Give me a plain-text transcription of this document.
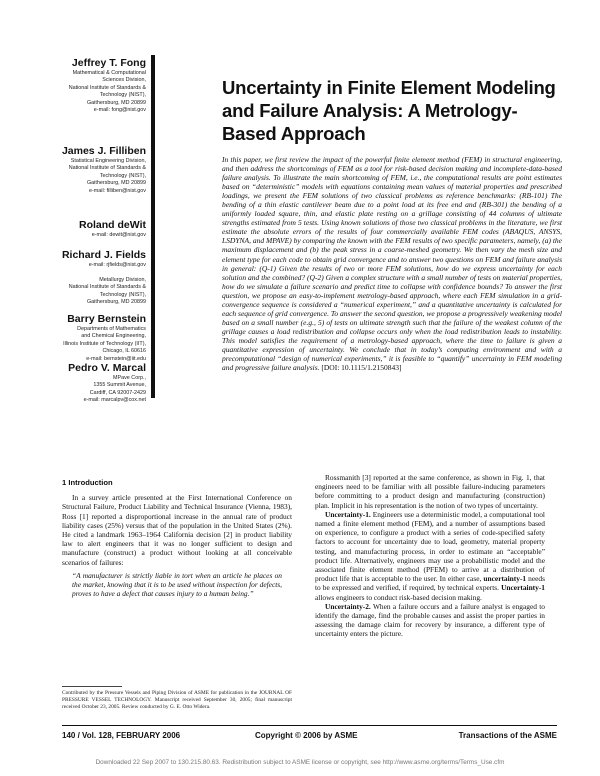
Jeffrey T. Fong
Mathematical & Computational
Sciences Division,
National Institute of Standards &
Technology (NIST),
Gaithersburg, MD 20899
e-mail: fong@nist.gov
James J. Filliben
Statistical Engineering Division,
National Institute of Standards &
Technology (NIST),
Gaithersburg, MD 20899
e-mail: filliben@nist.gov
Roland deWit
e-mail: dewit@nist.gov
Richard J. Fields
e-mail: rjfields@nist.gov

Metallurgy Division,
National Institute of Standards &
Technology (NIST),
Gaithersburg, MD 20899
Barry Bernstein
Departments of Mathematics
and Chemical Engineering,
Illinois Institute of Technology (IIT),
Chicago, IL 60616
e-mail: bernstein@iit.edu
Pedro V. Marcal
MPave Corp.,
1355 Summit Avenue,
Cardiff, CA 92007-2429
e-mail: marcalpv@cox.net
Uncertainty in Finite Element Modeling and Failure Analysis: A Metrology-Based Approach
In this paper, we first review the impact of the powerful finite element method (FEM) in structural engineering, and then address the shortcomings of FEM as a tool for risk-based decision making and incomplete-data-based failure analysis. To illustrate the main shortcoming of FEM, i.e., the computational results are point estimates based on “deterministic” models with equations containing mean values of material properties and prescribed loadings, we present the FEM solutions of two classical problems as reference benchmarks: (RB-101) The bending of a thin elastic cantilever beam due to a point load at its free end and (RB-301) the bending of a uniformly loaded square, thin, and elastic plate resting on a grillage consisting of 44 columns of ultimate strengths estimated from 5 tests. Using known solutions of those two classical problems in the literature, we first estimate the absolute errors of the results of four commercially available FEM codes (ABAQUS, ANSYS, LSDYNA, and MPAVE) by comparing the known with the FEM results of two specific parameters, namely, (a) the maximum displacement and (b) the peak stress in a coarse-meshed geometry. We then vary the mesh size and element type for each code to obtain grid convergence and to answer two questions on FEM and failure analysis in general: (Q-1) Given the results of two or more FEM solutions, how do we express uncertainty for each solution and the combined? (Q-2) Given a complex structure with a small number of tests on material properties, how do we simulate a failure scenario and predict time to collapse with confidence bounds? To answer the first question, we propose an easy-to-implement metrology-based approach, where each FEM simulation in a grid-convergence sequence is considered a “numerical experiment,” and a quantitative uncertainty is calculated for each sequence of grid convergence. To answer the second question, we propose a progressively weakening model based on a small number (e.g., 5) of tests on ultimate strength such that the failure of the weakest column of the grillage causes a load redistribution and collapse occurs only when the load redistribution leads to instability. This model satisfies the requirement of a metrology-based approach, where the time to failure is given a quantitative expression of uncertainty. We conclude that in today’s computing environment and with a precomputational “design of numerical experiments,” it is feasible to “quantify” uncertainty in FEM modeling and progressive failure analysis. [DOI: 10.1115/1.2150843]
1 Introduction

In a survey article presented at the First International Conference on Structural Failure, Product Liability and Technical Insurance (Vienna, 1983), Ross [1] reported a disproportional increase in the annual rate of product liability cases (25%) versus that of the population in the United States (2%). He cited a landmark 1963–1964 California decision [2] in product liability law to alert engineers that it was no longer sufficient to design and manufacture (construct) a product without looking at all conceivable scenarios of failures:

“A manufacturer is strictly liable in tort when an article he places on the market, knowing that it is to be used without inspection for defects, proves to have a defect that causes injury to a human being.”

Contributed by the Pressure Vessels and Piping Division of ASME for publication in the JOURNAL OF PRESSURE VESSEL TECHNOLOGY. Manuscript received September 30, 2005; final manuscript received October 23, 2005. Review conducted by G. E. Otto Widera.

Rossmanith [3] reported at the same conference, as shown in Fig. 1, that engineers need to be familiar with all possible failure-inducing parameters before committing to a product design and manufacturing (construction) plan. Implicit in his representation is the notion of two types of uncertainty.

Uncertainty-1. Engineers use a deterministic model, a computational tool named a finite element method (FEM), and a number of assumptions based on experience, to configure a product with a series of code-specified safety factors to account for uncertainty due to load, geometry, material property testing, and manufacturing process, in order to estimate an “acceptable” product life. Alternatively, engineers may use a probabilistic model and the associated finite element method (PFEM) to arrive at a distribution of product life that is acceptable to the user. In either case, uncertainty-1 needs to be expressed and verified, if required, by technical experts. Uncertainty-1 allows engineers to conduct risk-based decision making.

Uncertainty-2. When a failure occurs and a failure analyst is engaged to identify the damage, find the probable causes and assist the proper parties in assessing the damage claim for recovery by insurance, a different type of uncertainty enters the picture.

140 / Vol. 128, FEBRUARY 2006	Copyright © 2006 by ASME	Transactions of the ASME
Downloaded 22 Sep 2007 to 130.215.80.63. Redistribution subject to ASME license or copyright, see http://www.asme.org/terms/Terms_Use.cfm
